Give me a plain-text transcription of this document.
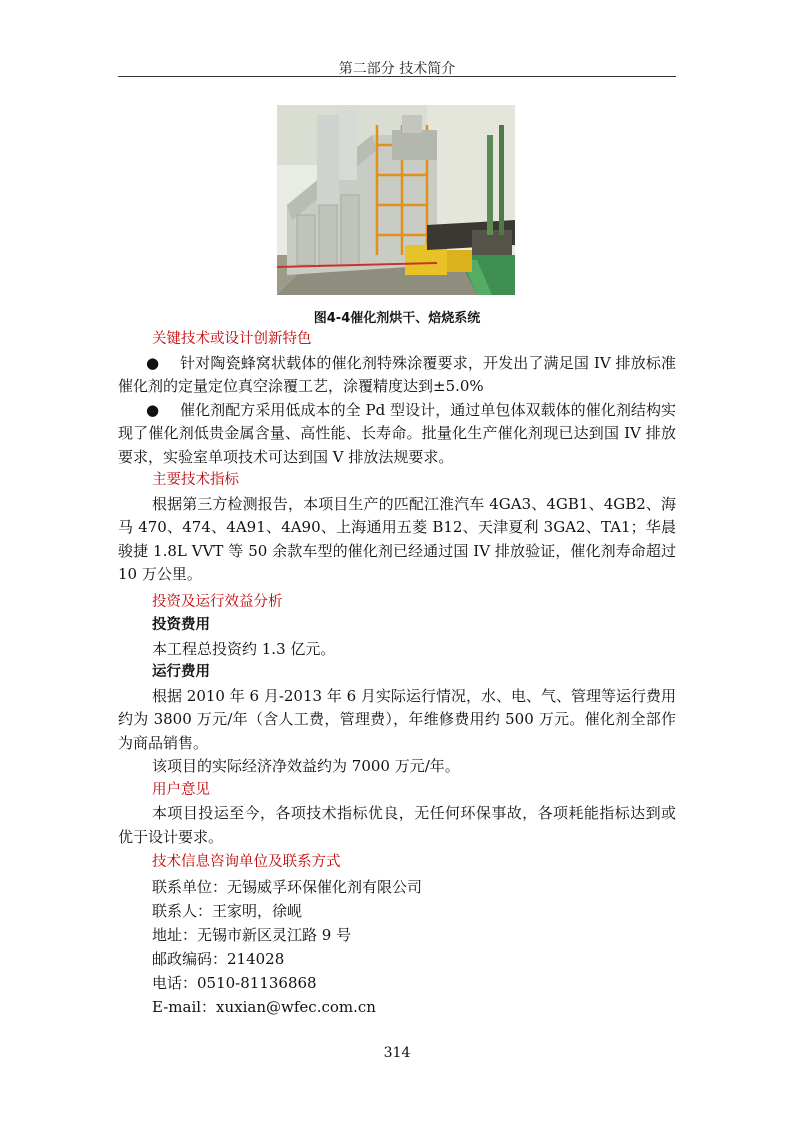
第二部分 技术简介
图4-4催化剂烘干、焙烧系统
关键技术或设计创新特色

● 针对陶瓷蜂窝状载体的催化剂特殊涂覆要求，开发出了满足国 IV 排放标准催化剂的定量定位真空涂覆工艺，涂覆精度达到±5.0%

● 催化剂配方采用低成本的全 Pd 型设计，通过单包体双载体的催化剂结构实现了催化剂低贵金属含量、高性能、长寿命。批量化生产催化剂现已达到国 IV 排放要求，实验室单项技术可达到国 V 排放法规要求。

主要技术指标

根据第三方检测报告，本项目生产的匹配江淮汽车 4GA3、4GB1、4GB2、海马 470、474、4A91、4A90、上海通用五菱 B12、天津夏利 3GA2、TA1；华晨骏捷 1.8L VVT 等 50 余款车型的催化剂已经通过国 IV 排放验证，催化剂寿命超过 10 万公里。

投资及运行效益分析
投资费用

本工程总投资约 1.3 亿元。

运行费用

根据 2010 年 6 月-2013 年 6 月实际运行情况，水、电、气、管理等运行费用约为 3800 万元/年（含人工费，管理费），年维修费用约 500 万元。催化剂全部作为商品销售。

该项目的实际经济净效益约为 7000 万元/年。

用户意见

本项目投运至今，各项技术指标优良，无任何环保事故，各项耗能指标达到或优于设计要求。

技术信息咨询单位及联系方式

联系单位：无锡威孚环保催化剂有限公司

联系人：王家明，徐岘

地址：无锡市新区灵江路 9 号

邮政编码：214028

电话：0510-81136868

E-mail：xuxian@wfec.com.cn

314
